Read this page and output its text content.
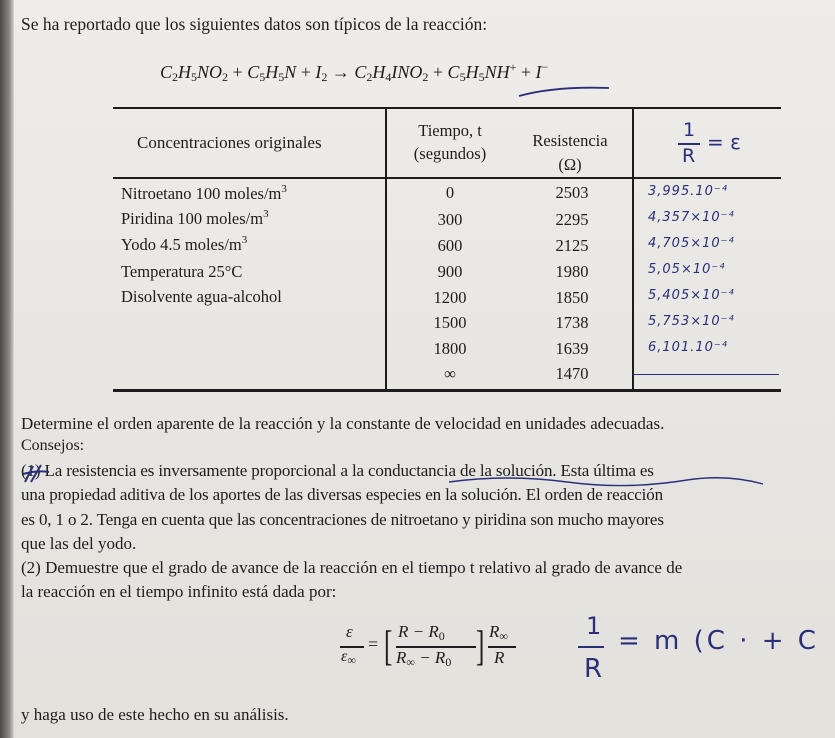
Se ha reportado que los siguientes datos son típicos de la reacción:
$C_2H_5NO_2 + C_5H_5N + I_2 \to C_2H_4INO_2 + C_5H_5NH^+ + I^-$
Concentraciones originales
Tiempo, t
(segundos)
Resistencia
(Ω)
1
R
= ε
Nitroetano 100 moles/$m^3$
Piridina 100 moles/$m^3$
Yodo 4.5 moles/$m^3$
Temperatura 25°C
Disolvente agua-alcohol
0
300
600
900
1200
1500
1800
∞
2503
2295
2125
1980
1850
1738
1639
1470
3,995.10⁻⁴
4,357×10⁻⁴
4,705×10⁻⁴
5,05×10⁻⁴
5,405×10⁻⁴
5,753×10⁻⁴
6,101.10⁻⁴
Determine el orden aparente de la reacción y la constante de velocidad en unidades adecuadas.
Consejos:
(1) La resistencia es inversamente proporcional a la conductancia de la solución. Esta última es
una propiedad aditiva de los aportes de las diversas especies en la solución. El orden de reacción
es 0, 1 o 2. Tenga en cuenta que las concentraciones de nitroetano y piridina son mucho mayores
que las del yodo.
(2) Demuestre que el grado de avance de la reacción en el tiempo t relativo al grado de avance de
la reacción en el tiempo infinito está dada por:
ε
$\varepsilon_\infty$
= [ $R - R_0$
$R_\infty - R_0$ ] $R_\infty$
R
1
R
= m (C · + C
y haga uso de este hecho en su análisis.
